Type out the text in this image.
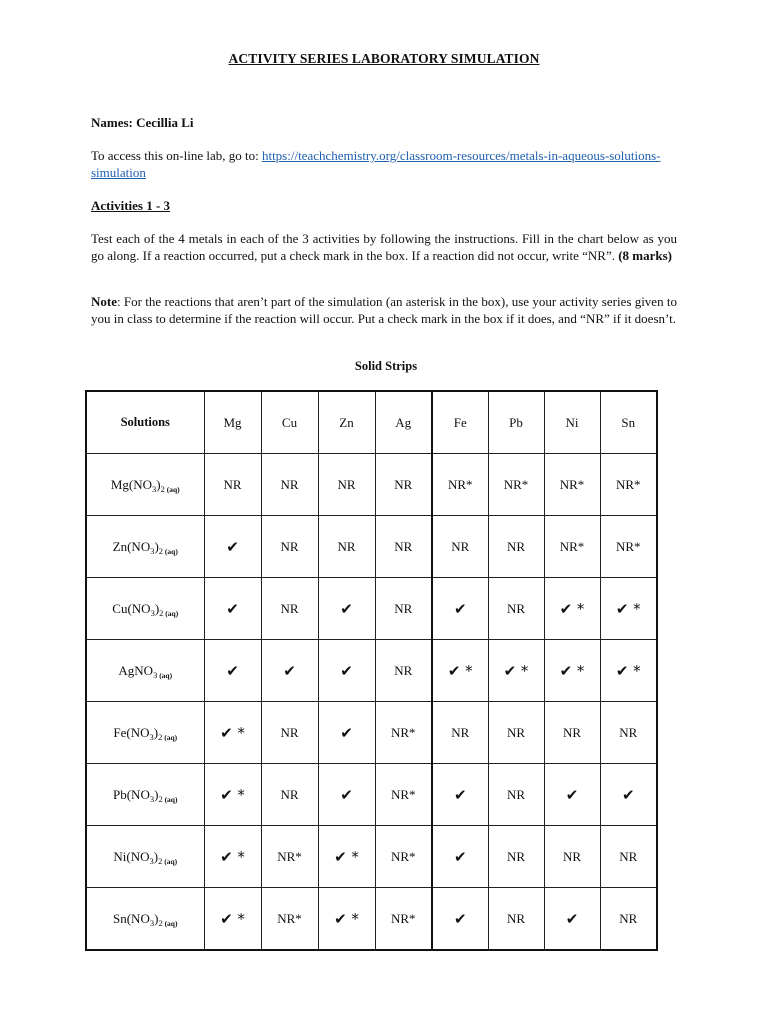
ACTIVITY SERIES LABORATORY SIMULATION
Names: Cecillia Li
To access this on-line lab, go to: https://teachchemistry.org/classroom-resources/metals-in-aqueous-solutions-simulation
Activities 1 - 3
Test each of the 4 metals in each of the 3 activities by following the instructions. Fill in the chart below as you go along. If a reaction occurred, put a check mark in the box. If a reaction did not occur, write “NR”. (8 marks)
Note: For the reactions that aren’t part of the simulation (an asterisk in the box), use your activity series given to you in class to determine if the reaction will occur. Put a check mark in the box if it does, and “NR” if it doesn’t.
Solid Strips
Solutions	Mg	Cu	Zn	Ag	Fe	Pb	Ni	Sn
$Mg(NO_3)_2$ $_{(aq)}$	NR	NR	NR	NR	NR*	NR*	NR*	NR*
$Zn(NO_3)_2$ $_{(aq)}$	✔	NR	NR	NR	NR	NR	NR*	NR*
$Cu(NO_3)_2$ $_{(aq)}$	✔	NR	✔	NR	✔	NR	✔ *	✔ *
AgNO$_3$ $_{(aq)}$	✔	✔	✔	NR	✔ *	✔ *	✔ *	✔ *
$Fe(NO_3)_2$ $_{(aq)}$	✔ *	NR	✔	NR*	NR	NR	NR	NR
$Pb(NO_3)_2$ $_{(aq)}$	✔ *	NR	✔	NR*	✔	NR	✔	✔
$Ni(NO_3)_2$ $_{(aq)}$	✔ *	NR*	✔ *	NR*	✔	NR	NR	NR
$Sn(NO_3)_2$ $_{(aq)}$	✔ *	NR*	✔ *	NR*	✔	NR	✔	NR
